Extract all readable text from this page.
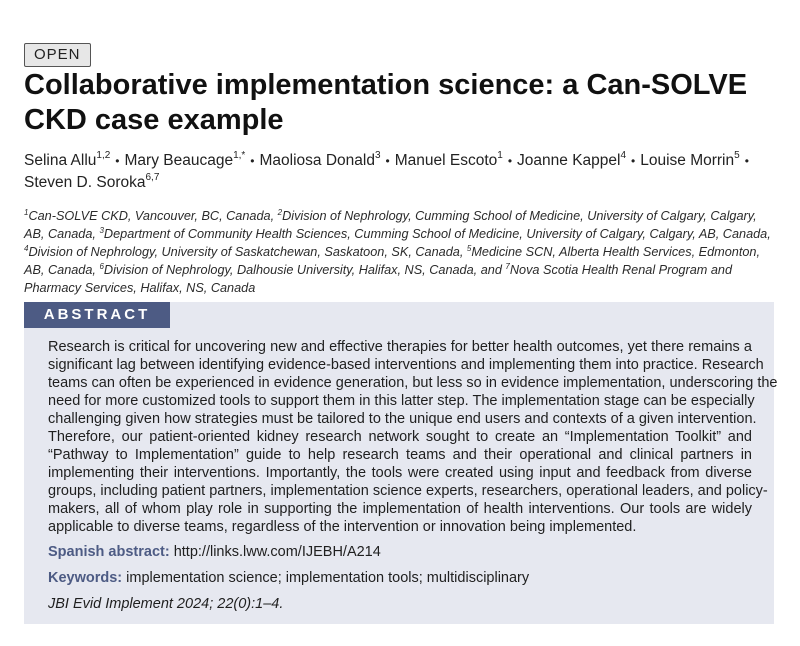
OPEN
Collaborative implementation science: a Can-SOLVE CKD case example
Selina Allu$^{1,2}$ • Mary Beaucage$^{1,*}$ • Maoliosa Donald$^3$ • Manuel Escoto$^1$ • Joanne Kappel$^4$ • Louise Morrin$^5$ •
Steven D. Soroka$^{6,7}$
$^1$Can-SOLVE CKD, Vancouver, BC, Canada, $^2$Division of Nephrology, Cumming School of Medicine, University of Calgary, Calgary, AB, Canada, $^3$Department of Community Health Sciences, Cumming School of Medicine, University of Calgary, Calgary, AB, Canada, $^4$Division of Nephrology, University of Saskatchewan, Saskatoon, SK, Canada, $^5$Medicine SCN, Alberta Health Services, Edmonton, AB, Canada, $^6$Division of Nephrology, Dalhousie University, Halifax, NS, Canada, and $^7$Nova Scotia Health Renal Program and Pharmacy Services, Halifax, NS, Canada
ABSTRACT
Research is critical for uncovering new and effective therapies for better health outcomes, yet there remains a
significant lag between identifying evidence-based interventions and implementing them into practice. Research
teams can often be experienced in evidence generation, but less so in evidence implementation, underscoring the
need for more customized tools to support them in this latter step. The implementation stage can be especially
challenging given how strategies must be tailored to the unique end users and contexts of a given intervention.
Therefore, our patient-oriented kidney research network sought to create an “Implementation Toolkit” and
“Pathway to Implementation” guide to help research teams and their operational and clinical partners in
implementing their interventions. Importantly, the tools were created using input and feedback from diverse
groups, including patient partners, implementation science experts, researchers, operational leaders, and policy-
makers, all of whom play role in supporting the implementation of health interventions. Our tools are widely
applicable to diverse teams, regardless of the intervention or innovation being implemented.
Spanish abstract: http://links.lww.com/IJEBH/A214
Keywords: implementation science; implementation tools; multidisciplinary
JBI Evid Implement 2024; 22(0):1–4.
